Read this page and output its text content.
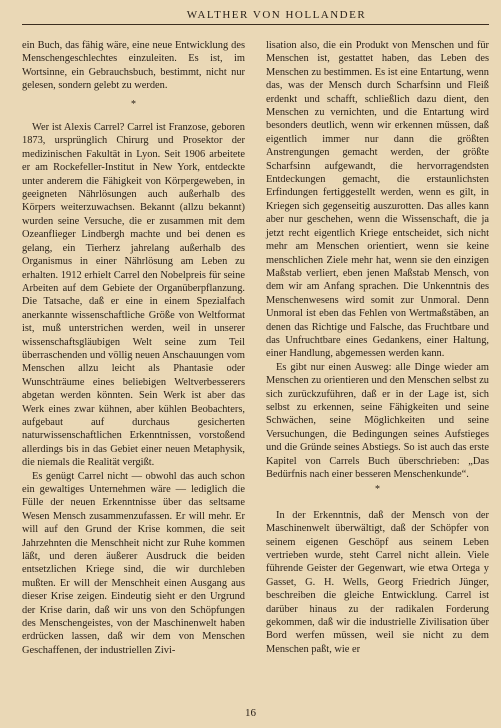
WALTHER VON HOLLANDER

ein Buch, das fähig wäre, eine neue Entwicklung des Menschengeschlechtes einzuleiten. Es ist, im Wortsinne, ein Gebrauchsbuch, bestimmt, nicht nur gelesen, sondern gelebt zu werden.

*

Wer ist Alexis Carrel? Carrel ist Franzose, geboren 1873, ursprünglich Chirurg und Prosektor der medizinischen Fakultät in Lyon. Seit 1906 arbeitete er am Rockefeller-Institut in New York, entdeckte unter anderem die Fähigkeit von Körpergeweben, in geeigneten Nährlösungen auch außerhalb des Körpers weiterzuwachsen. Bekannt (allzu bekannt) wurden seine Versuche, die er zusammen mit dem Ozeanflieger Lindbergh machte und bei denen es gelang, ein Tierherz jahrelang außerhalb des Organismus in einer Nährlösung am Leben zu erhalten. 1912 erhielt Carrel den Nobelpreis für seine Arbeiten auf dem Gebiete der Organüberpflanzung. Die Tatsache, daß er eine in einem Spezialfach anerkannte wissenschaftliche Größe von Weltformat ist, muß unterstrichen werden, weil in unserer wissenschaftsgläubigen Welt seine zum Teil überraschenden und völlig neuen Anschauungen vom Menschen allzu leicht als Phantasie oder Wunschträume eines beliebigen Weltverbesserers abgetan werden könnten. Sein Werk ist aber das Werk eines zwar kühnen, aber kühlen Beobachters, aufgebaut auf durchaus gesicherten naturwissenschaftlichen Erkenntnissen, vorstoßend allerdings bis in das Gebiet einer neuen Metaphysik, die niemals die Realität vergißt.

Es genügt Carrel nicht — obwohl das auch schon ein gewaltiges Unternehmen wäre — lediglich die Fülle der neuen Erkenntnisse über das seltsame Wesen Mensch zusammenzufassen. Er will mehr. Er will auf den Grund der Krise kommen, die seit Jahrzehnten die Menschheit nicht zur Ruhe kommen läßt, und deren äußerer Ausdruck die beiden entsetzlichen Kriege sind, die wir durchleben mußten. Er will der Menschheit einen Ausgang aus dieser Krise zeigen. Eindeutig sieht er den Urgrund der Krise darin, daß wir uns von den Schöpfungen des Menschengeistes, von der Maschinenwelt haben erdrücken lassen, daß wir dem von Menschen Geschaffenen, der industriellen Zivi-

lisation also, die ein Produkt von Menschen und für Menschen ist, gestattet haben, das Leben des Menschen zu bestimmen. Es ist eine Entartung, wenn das, was der Mensch durch Scharfsinn und Fleiß erdenkt und schafft, schließlich dazu dient, den Menschen zu vernichten, und die Entartung wird besonders deutlich, wenn wir erkennen müssen, daß eigentlich immer nur dann die größten Anstrengungen gemacht werden, der größte Scharfsinn aufgewandt, die hervorragendsten Entdeckungen gemacht, die erstaunlichsten Erfindungen fertiggestellt werden, wenn es gilt, in Kriegen sich gegenseitig auszurotten. Das alles kann aber nur geschehen, wenn die Wissenschaft, die ja jetzt recht eigentlich Kriege entscheidet, sich nicht mehr am Menschen orientiert, wenn sie keine menschlichen Ziele mehr hat, wenn sie den einzigen Maßstab verliert, eben jenen Maßstab Mensch, von dem wir am Anfang sprachen. Die Unkenntnis des Menschenwesens wird somit zur Unmoral. Denn Unmoral ist eben das Fehlen von Wertmaßstäben, an denen das Richtige und Falsche, das Fruchtbare und das Unfruchtbare eines Gedankens, einer Haltung, einer Handlung, abgemessen werden kann.

Es gibt nur einen Ausweg: alle Dinge wieder am Menschen zu orientieren und den Menschen selbst zu sich zurückzuführen, daß er in der Lage ist, sich selbst zu erkennen, seine Fähigkeiten und seine Schwächen, seine Möglichkeiten und seine Versuchungen, die Bedingungen seines Aufstieges und die Gründe seines Abstiegs. So ist auch das erste Kapitel von Carrels Buch überschrieben: „Das Bedürfnis nach einer besseren Menschenkunde“.

*

In der Erkenntnis, daß der Mensch von der Maschinenwelt überwältigt, daß der Schöpfer von seinem eigenen Geschöpf aus seinem Leben vertrieben wurde, steht Carrel nicht allein. Viele führende Geister der Gegenwart, wie etwa Ortega y Gasset, G. H. Wells, Georg Friedrich Jünger, beschreiben die gleiche Entwicklung. Carrel ist darüber hinaus zu der radikalen Forderung gekommen, daß wir die industrielle Zivilisation über Bord werfen müssen, weil sie nicht zu dem Menschen paßt, wie er

16
